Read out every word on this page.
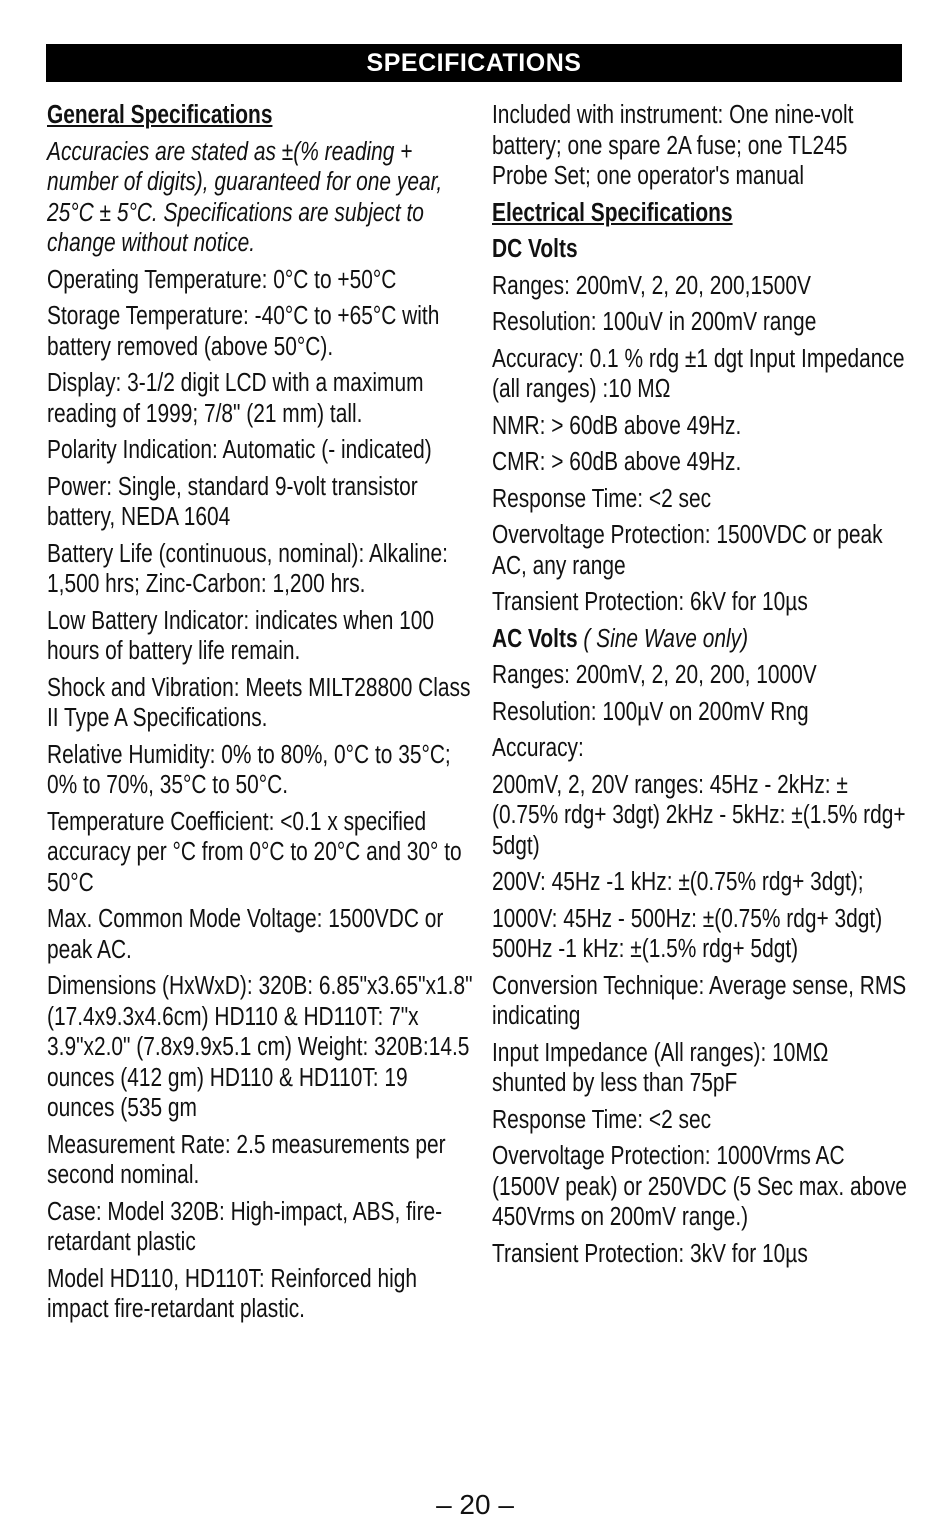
SPECIFICATIONS
General Specifications
Accuracies are stated as ±(% reading + number of digits), guaranteed for one year, 25°C ± 5°C. Specifications are subject to change without notice.
Operating Temperature: 0°C to +50°C
Storage Temperature: -40°C to +65°C with battery removed (above 50°C).
Display: 3-1/2 digit LCD with a maximum reading of 1999; 7/8" (21 mm) tall.
Polarity Indication: Automatic (- indicated)
Power: Single, standard 9-volt transistor battery, NEDA 1604
Battery Life (continuous, nominal): Alkaline: 1,500 hrs; Zinc-Carbon: 1,200 hrs.
Low Battery Indicator: indicates when 100 hours of battery life remain.
Shock and Vibration: Meets MILT28800 Class II Type A Specifications.
Relative Humidity: 0% to 80%, 0°C to 35°C; 0% to 70%, 35°C to 50°C.
Temperature Coefficient: <0.1 x specified accuracy per °C from 0°C to 20°C and 30° to 50°C
Max. Common Mode Voltage: 1500VDC or peak AC.
Dimensions (HxWxD): 320B: 6.85"x3.65"x1.8" (17.4x9.3x4.6cm) HD110 & HD110T: 7"x 3.9"x2.0" (7.8x9.9x5.1 cm) Weight: 320B:14.5 ounces (412 gm) HD110 & HD110T: 19 ounces (535 gm
Measurement Rate: 2.5 measurements per second nominal.
Case: Model 320B: High-impact, ABS, fire-retardant plastic
Model HD110, HD110T: Reinforced high impact fire-retardant plastic.
Included with instrument: One nine-volt battery; one spare 2A fuse; one TL245 Probe Set; one operator's manual
Electrical Specifications
DC Volts
Ranges: 200mV, 2, 20, 200,1500V
Resolution: 100uV in 200mV range
Accuracy: 0.1 % rdg ±1 dgt Input Impedance (all ranges) :10 MΩ
NMR: > 60dB above 49Hz.
CMR: > 60dB above 49Hz.
Response Time: <2 sec
Overvoltage Protection: 1500VDC or peak AC, any range
Transient Protection: 6kV for 10µs
AC Volts ( Sine Wave only)
Ranges: 200mV, 2, 20, 200, 1000V
Resolution: 100µV on 200mV Rng
Accuracy:
200mV, 2, 20V ranges: 45Hz - 2kHz: ±(0.75% rdg+ 3dgt) 2kHz - 5kHz: ±(1.5% rdg+ 5dgt)
200V: 45Hz -1 kHz: ±(0.75% rdg+ 3dgt);
1000V: 45Hz - 500Hz: ±(0.75% rdg+ 3dgt) 500Hz -1 kHz: ±(1.5% rdg+ 5dgt)
Conversion Technique: Average sense, RMS indicating
Input Impedance (All ranges): 10MΩ shunted by less than 75pF
Response Time: <2 sec
Overvoltage Protection: 1000Vrms AC (1500V peak) or 250VDC (5 Sec max. above 450Vrms on 200mV range.)
Transient Protection: 3kV for 10µs
– 20 –
